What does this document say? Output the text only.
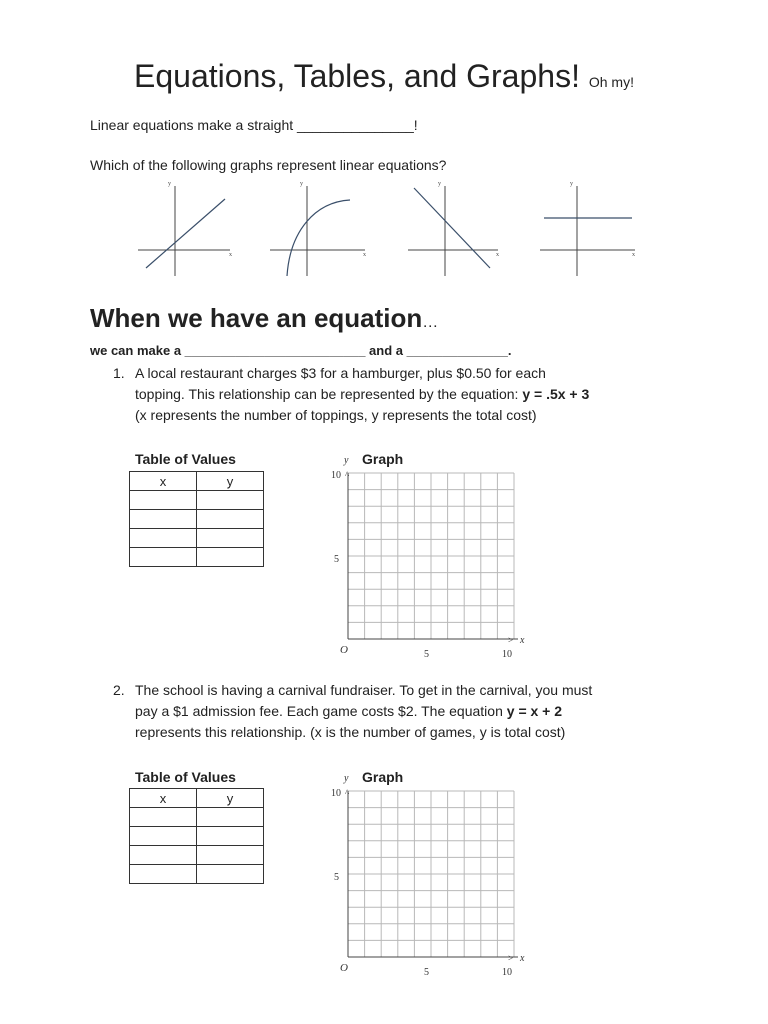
Equations, Tables, and Graphs! Oh my!
Linear equations make a straight _______________!
Which of the following graphs represent linear equations?
y
x
y
x
y
x
y
x
When we have an equation…
we can make a _________________________ and a ______________.
1. A local restaurant charges $3 for a hamburger, plus $0.50 for each
topping. This relationship can be represented by the equation: y = .5x + 3
(x represents the number of toppings, y represents the total cost)
Table of Values
x	y

Graph
>
^
y
x
O	5	10
5
10
2. The school is having a carnival fundraiser. To get in the carnival, you must
pay a $1 admission fee. Each game costs $2. The equation y = x + 2
represents this relationship. (x is the number of games, y is total cost)
Table of Values
x	y

Graph
>
^
y
x
O	5	10
5
10
